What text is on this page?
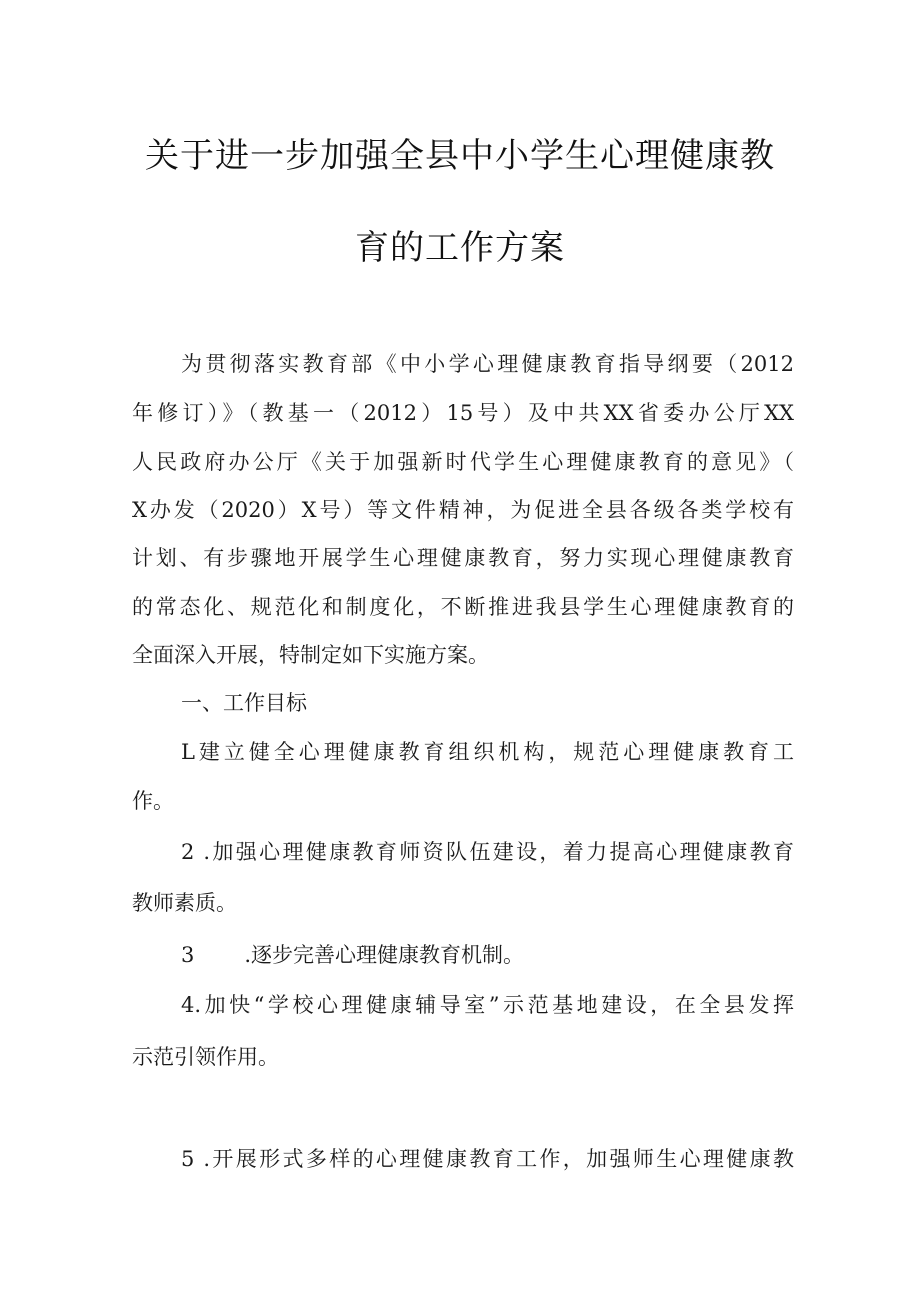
关于进一步加强全县中小学生心理健康教
育的工作方案
为贯彻落实教育部《中小学心理健康教育指导纲要（2012
年修订）》（教基一（2012）15号）及中共XX省委办公厅XX
人民政府办公厅《关于加强新时代学生心理健康教育的意见》（
X办发（2020）X号）等文件精神，为促进全县各级各类学校有
计划、有步骤地开展学生心理健康教育，努力实现心理健康教育
的常态化、规范化和制度化，不断推进我县学生心理健康教育的
全面深入开展，特制定如下实施方案。
一、工作目标
L建立健全心理健康教育组织机构，规范心理健康教育工
作。
2 .加强心理健康教育师资队伍建设，着力提高心理健康教育
教师素质。
3 .逐步完善心理健康教育机制。
4.加快“学校心理健康辅导室”示范基地建设，在全县发挥
示范引领作用。
5 .开展形式多样的心理健康教育工作，加强师生心理健康教
